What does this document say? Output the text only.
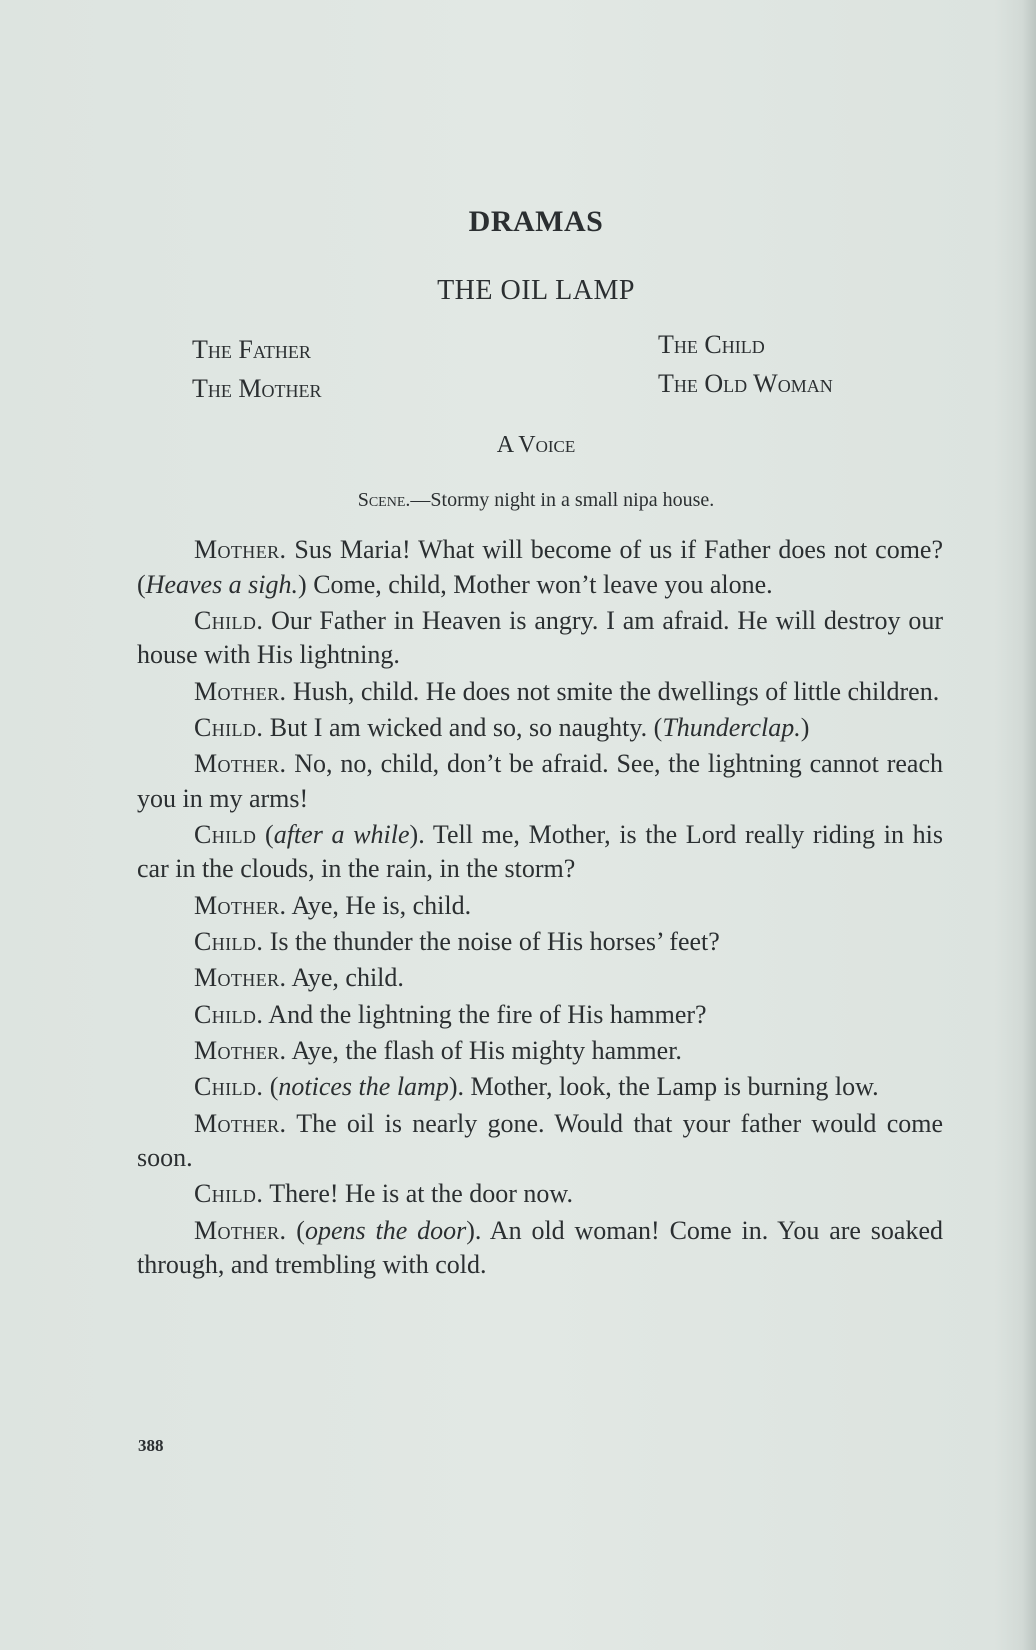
DRAMAS
THE OIL LAMP
The Father
The Mother
The Child
The Old Woman
A Voice
Scene.—Stormy night in a small nipa house.

Mother. Sus Maria! What will become of us if Father does not come? (Heaves a sigh.) Come, child, Mother won’t leave you alone.

Child. Our Father in Heaven is angry. I am afraid. He will destroy our house with His lightning.

Mother. Hush, child. He does not smite the dwellings of little children.

Child. But I am wicked and so, so naughty. (Thunderclap.)

Mother. No, no, child, don’t be afraid. See, the lightning cannot reach you in my arms!

Child (after a while). Tell me, Mother, is the Lord really riding in his car in the clouds, in the rain, in the storm?

Mother. Aye, He is, child.

Child. Is the thunder the noise of His horses’ feet?

Mother. Aye, child.

Child. And the lightning the fire of His hammer?

Mother. Aye, the flash of His mighty hammer.

Child. (notices the lamp). Mother, look, the Lamp is burning low.

Mother. The oil is nearly gone. Would that your father would come soon.

Child. There! He is at the door now.

Mother. (opens the door). An old woman! Come in. You are soaked through, and trembling with cold.

388
